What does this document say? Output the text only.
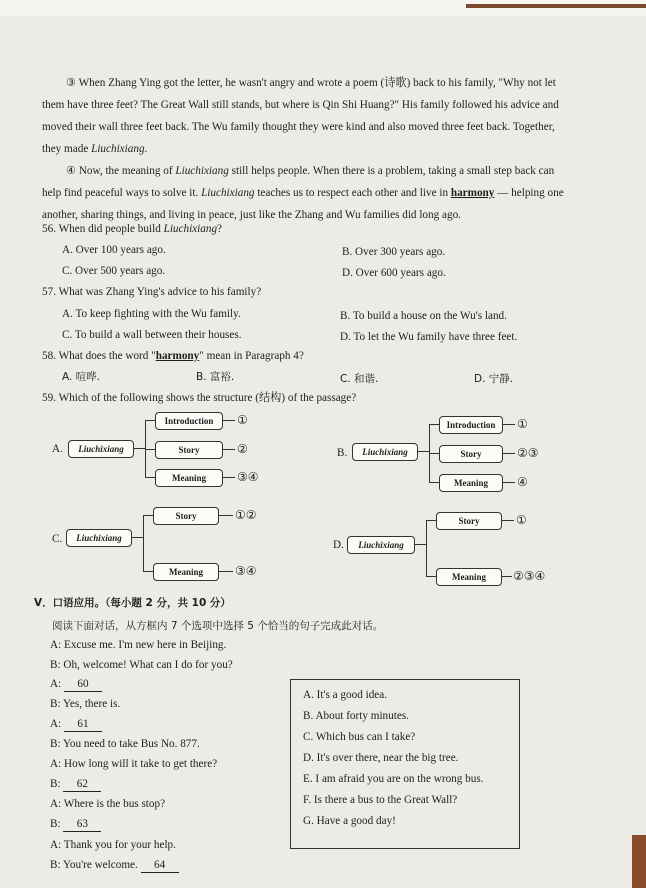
③ When Zhang Ying got the letter, he wasn't angry and wrote a poem (诗歌) back to his family, "Why not let
them have three feet? The Great Wall still stands, but where is Qin Shi Huang?" His family followed his advice and
moved their wall three feet back. The Wu family thought they were kind and also moved three feet back. Together,
they made Liuchixiang.
④ Now, the meaning of Liuchixiang still helps people. When there is a problem, taking a small step back can
help find peaceful ways to solve it. Liuchixiang teaches us to respect each other and live in harmony — helping one
another, sharing things, and living in peace, just like the Zhang and Wu families did long ago.
56. When did people build Liuchixiang?
A. Over 100 years ago.	B. Over 300 years ago.
C. Over 500 years ago.	D. Over 600 years ago.
57. What was Zhang Ying's advice to his family?
A. To keep fighting with the Wu family.	B. To build a house on the Wu's land.
C. To build a wall between their houses.	D. To let the Wu family have three feet.
58. What does the word "harmony" mean in Paragraph 4?
A. 喧哗.	B. 富裕.	C. 和谐.	D. 宁静.
59. Which of the following shows the structure (结构) of the passage?
A.	Liuchixiang
Introduction
Story
Meaning
①
②
③④
B.	Liuchixiang
Introduction
Story
Meaning
①
②③
④
C.	Liuchixiang
Story
Meaning
①②
③④
D.	Liuchixiang
Story
Meaning
①
②③④
V．口语应用。（每小题 2 分，共 10 分）
阅读下面对话，从方框内 7 个选项中选择 5 个恰当的句子完成此对话。
A: Excuse me. I'm new here in Beijing.
B: Oh, welcome! What can I do for you?
A: 60
B: Yes, there is.
A: 61
B: You need to take Bus No. 877.
A: How long will it take to get there?
B: 62
A: Where is the bus stop?
B: 63
A: Thank you for your help.
B: You're welcome. 64
A. It's a good idea.
B. About forty minutes.
C. Which bus can I take?
D. It's over there, near the big tree.
E. I am afraid you are on the wrong bus.
F. Is there a bus to the Great Wall?
G. Have a good day!
